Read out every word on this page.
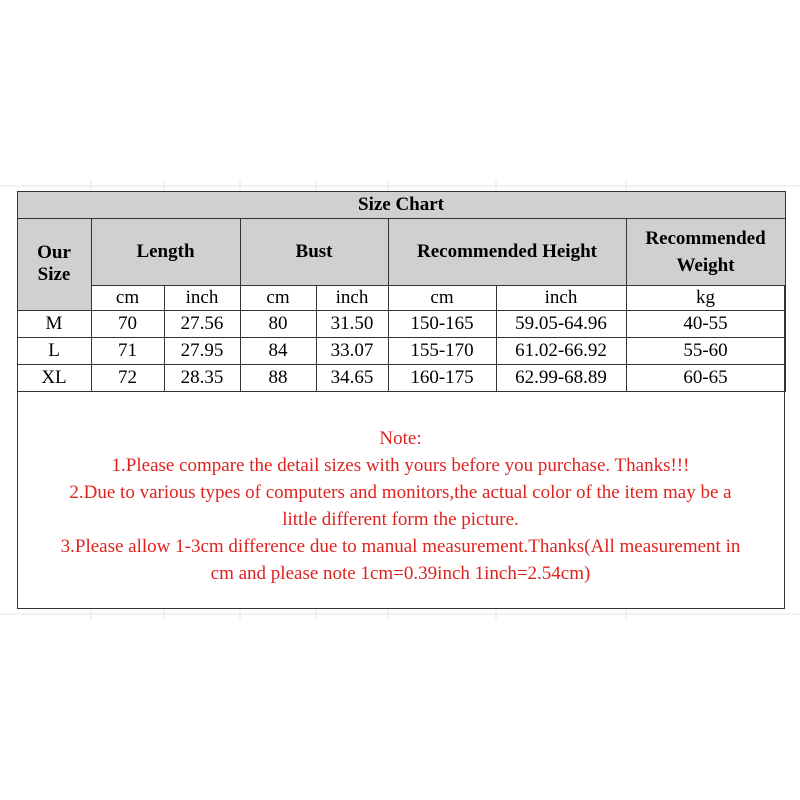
Size Chart							

Our Size	Length		Bust		Recommended Height		Recommended Weight

	cm	inch	cm	inch	cm	inch	kg
M	70	27.56	80	31.50	150-165	59.05-64.96	40-55
L	71	27.95	84	33.07	155-170	61.02-66.92	55-60
XL	72	28.35	88	34.65	160-175	62.99-68.89	60-65
Note:
1.Please compare the detail sizes with yours before you purchase. Thanks!!!
2.Due to various types of computers and monitors,the actual color of the item may be a
little different form the picture.
3.Please allow 1-3cm difference due to manual measurement.Thanks(All measurement in
cm and please note 1cm=0.39inch 1inch=2.54cm)
